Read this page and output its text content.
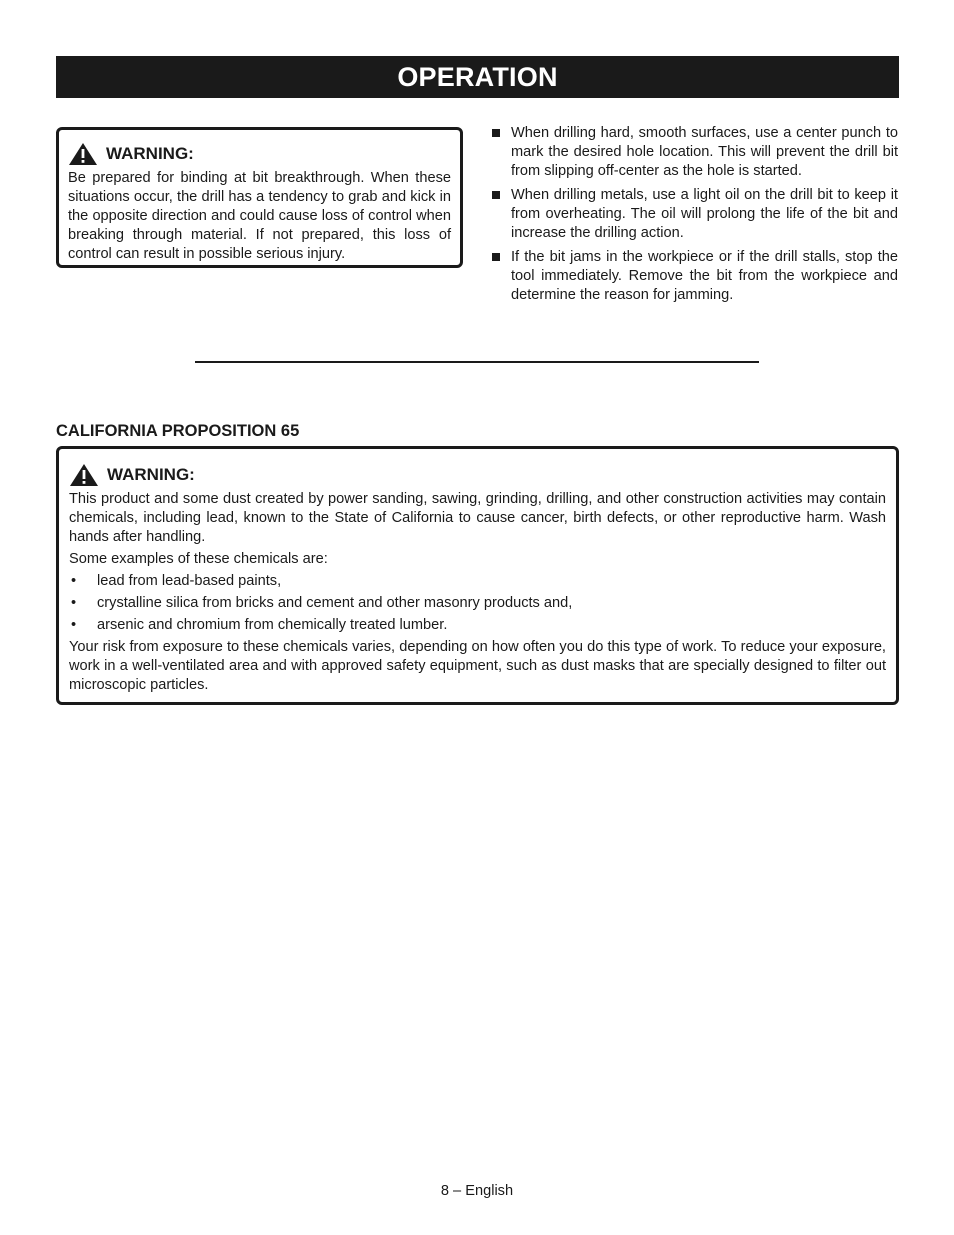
OPERATION
WARNING:
Be prepared for binding at bit breakthrough. When these situations occur, the drill has a tendency to grab and kick in the opposite direction and could cause loss of control when breaking through material. If not prepared, this loss of control can result in possible serious injury.
When drilling hard, smooth surfaces, use a center punch to mark the desired hole location. This will prevent the drill bit from slipping off-center as the hole is started.
When drilling metals, use a light oil on the drill bit to keep it from overheating. The oil will prolong the life of the bit and increase the drilling action.
If the bit jams in the workpiece or if the drill stalls, stop the tool immediately. Remove the bit from the workpiece and determine the reason for jamming.
CALIFORNIA PROPOSITION 65
WARNING:

This product and some dust created by power sanding, sawing, grinding, drilling, and other construction activities may contain chemicals, including lead, known to the State of California to cause cancer, birth defects, or other reproductive harm. Wash hands after handling.

Some examples of these chemicals are:

• lead from lead-based paints,
• crystalline silica from bricks and cement and other masonry products and,
• arsenic and chromium from chemically treated lumber.

Your risk from exposure to these chemicals varies, depending on how often you do this type of work. To reduce your exposure, work in a well-ventilated area and with approved safety equipment, such as dust masks that are specially designed to filter out microscopic particles.

8 – English
